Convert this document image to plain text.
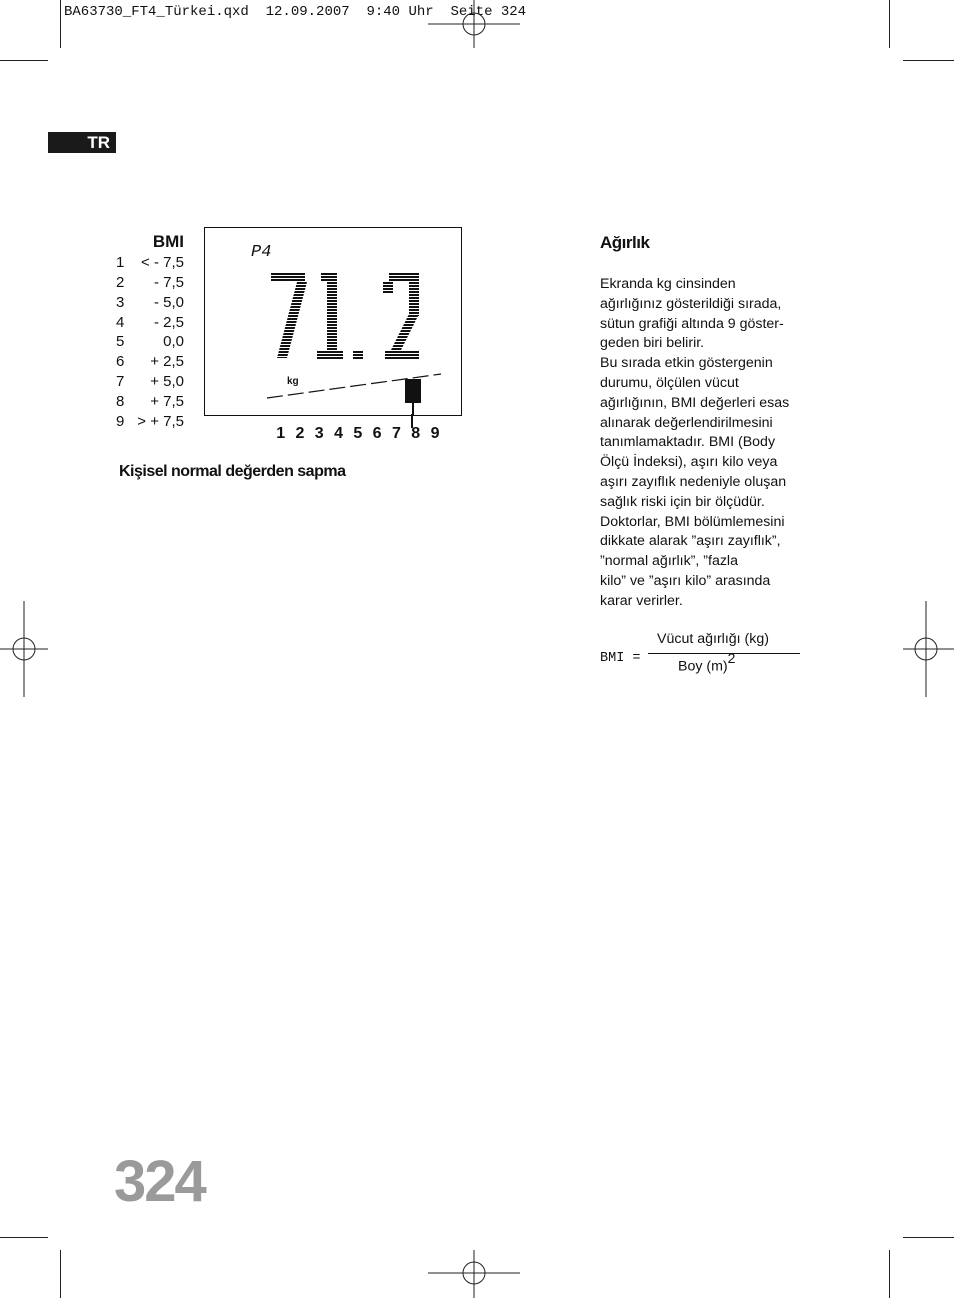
BA63730_FT4_Türkei.qxd  12.09.2007  9:40 Uhr  Seite 324
TR
BMI
1 < - 7,5
2 - 7,5
3 - 5,0
4 - 2,5
5	0,0
6 + 2,5
7 + 5,0
8 + 7,5
9 > + 7,5
P4
kg
1 2 3 4 5 6 7 8 9
Kişisel normal değerden sapma
Ağırlık
Ekranda kg cinsinden
ağırlığınız gösterildiği sırada,
sütun grafiği altında 9 göster-
geden biri belirir.
Bu sırada etkin göstergenin
durumu, ölçülen vücut
ağırlığının, BMI değerleri esas
alınarak değerlendirilmesini
tanımlamaktadır. BMI (Body
Ölçü İndeksi), aşırı kilo veya
aşırı zayıflık nedeniyle oluşan
sağlık riski için bir ölçüdür.
Doktorlar, BMI bölümlemesini
dikkate alarak ”aşırı zayıflık”,
”normal ağırlık”, ”fazla
kilo” ve ”aşırı kilo” arasında
karar verirler.
BMI =
Vücut ağırlığı (kg)
Boy $(m)^2$
324
